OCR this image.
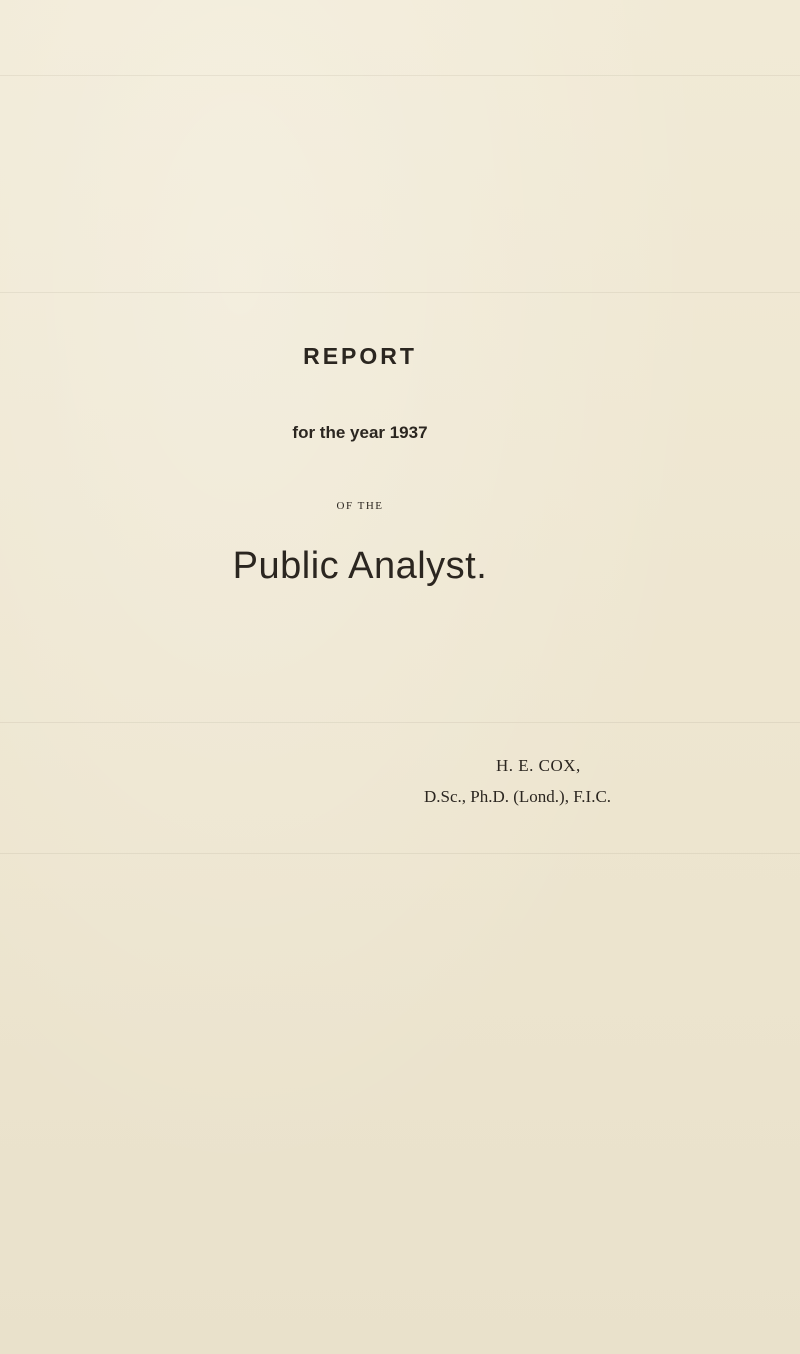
REPORT
for the year 1937
OF THE
Public Analyst.
H. E. COX,
D.Sc., Ph.D. (Lond.), F.I.C.
